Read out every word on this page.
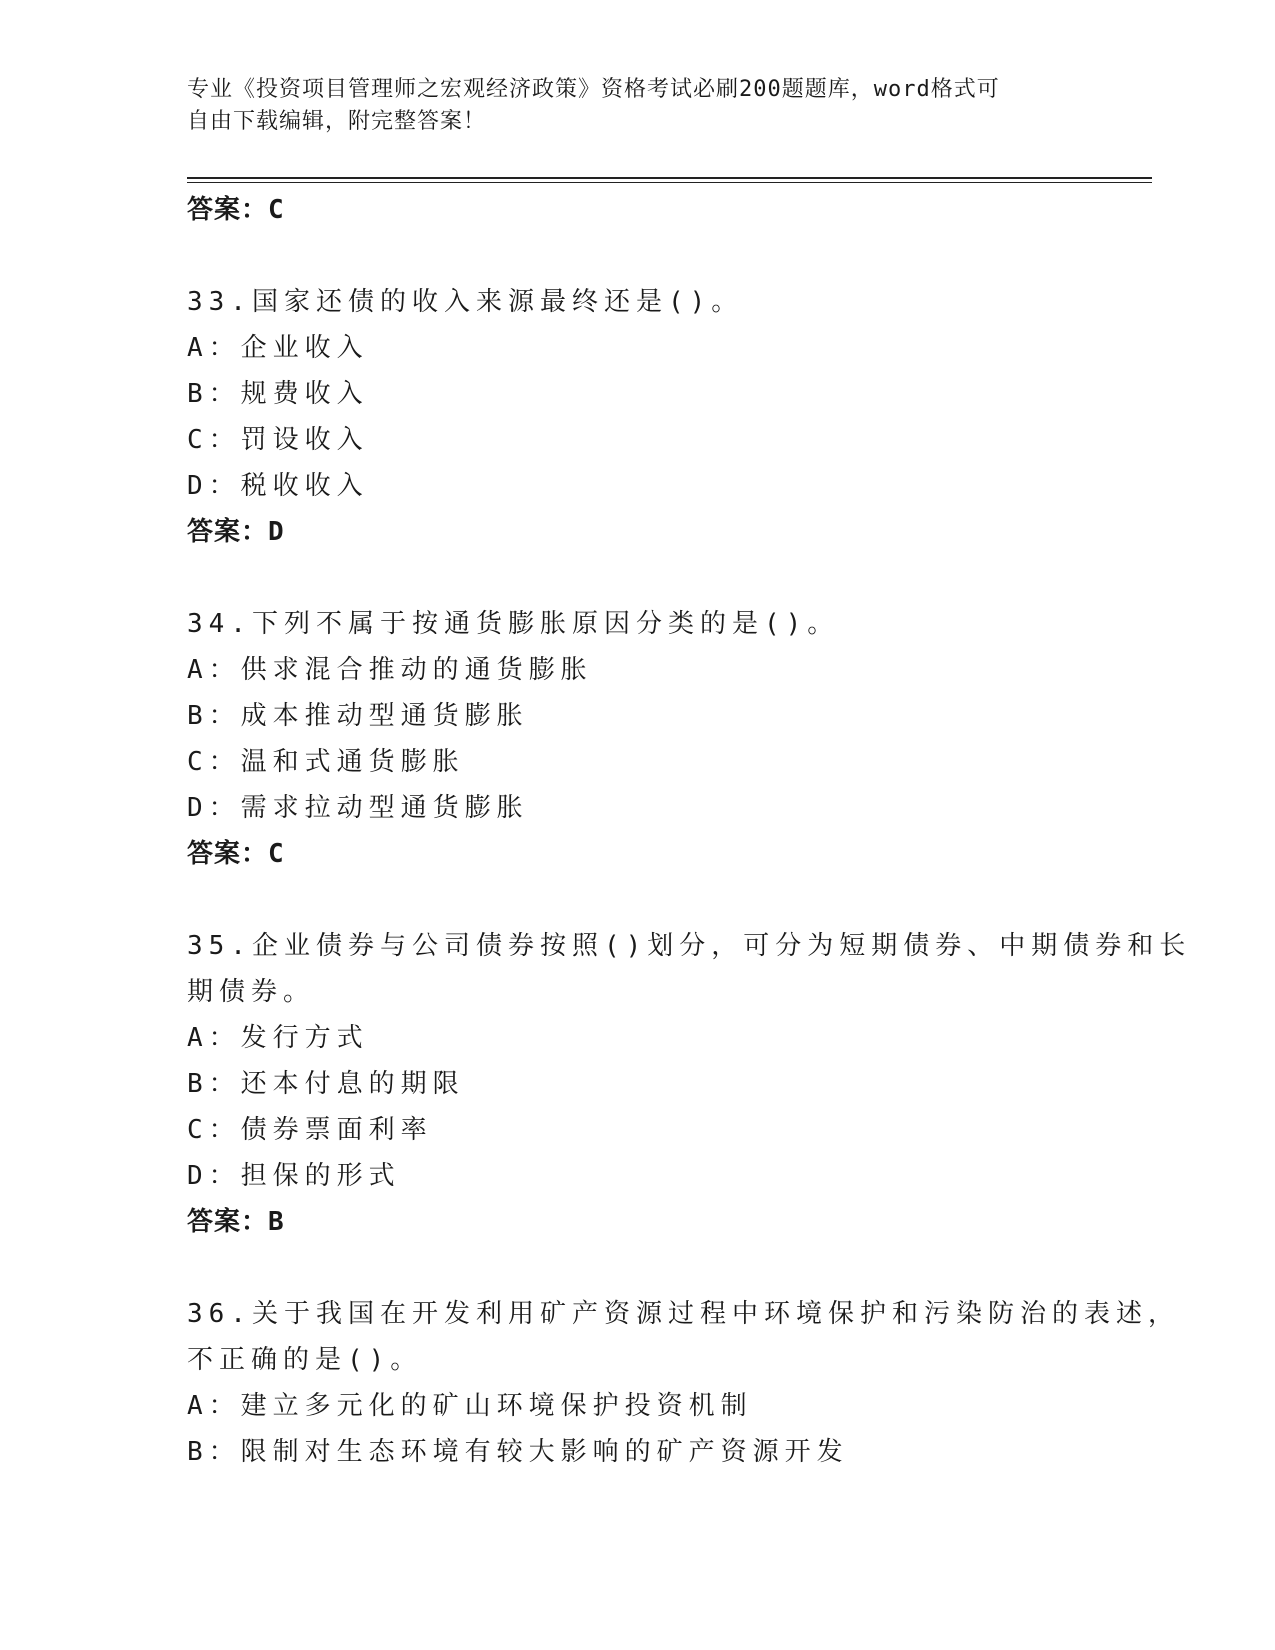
专业《投资项目管理师之宏观经济政策》资格考试必刷200题题库，word格式可
自由下载编辑，附完整答案！
答案：C
33.国家还债的收入来源最终还是()。
A：企业收入
B：规费收入
C：罚设收入
D：税收收入
答案：D
34.下列不属于按通货膨胀原因分类的是()。
A：供求混合推动的通货膨胀
B：成本推动型通货膨胀
C：温和式通货膨胀
D：需求拉动型通货膨胀
答案：C
35.企业债券与公司债券按照()划分，可分为短期债券、中期债券和长
期债券。
A：发行方式
B：还本付息的期限
C：债券票面利率
D：担保的形式
答案：B
36.关于我国在开发利用矿产资源过程中环境保护和污染防治的表述，
不正确的是()。
A：建立多元化的矿山环境保护投资机制
B：限制对生态环境有较大影响的矿产资源开发
